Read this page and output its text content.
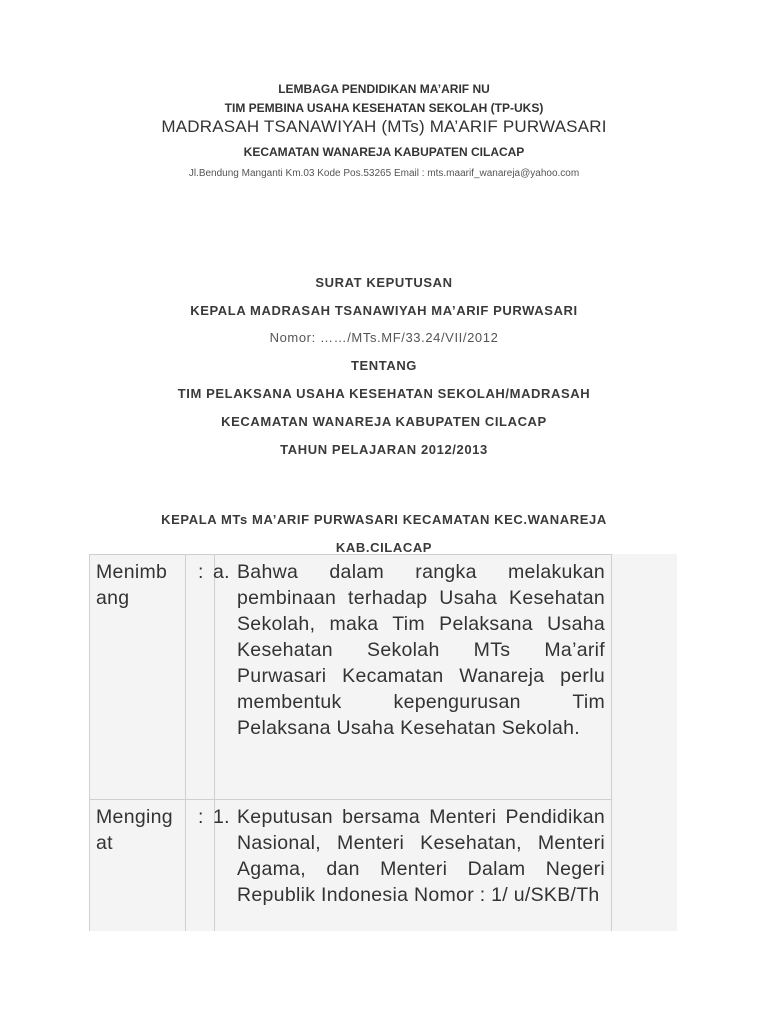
LEMBAGA PENDIDIKAN MA’ARIF NU
TIM PEMBINA USAHA KESEHATAN SEKOLAH (TP-UKS)
MADRASAH TSANAWIYAH (MTs) MA’ARIF PURWASARI
KECAMATAN WANAREJA KABUPATEN CILACAP
Jl.Bendung Manganti Km.03 Kode Pos.53265 Email : mts.maarif_wanareja@yahoo.com
SURAT KEPUTUSAN
KEPALA MADRASAH TSANAWIYAH MA’ARIF PURWASARI
Nomor: ……/MTs.MF/33.24/VII/2012
TENTANG
TIM PELAKSANA USAHA KESEHATAN SEKOLAH/MADRASAH
KECAMATAN WANAREJA KABUPATEN CILACAP
TAHUN PELAJARAN 2012/2013
KEPALA MTs MA’ARIF PURWASARI KECAMATAN KEC.WANAREJA
Menimb
ang	:	a. Bahwa dalam rangka melakukan pembinaan terhadap Usaha Kesehatan Sekolah, maka Tim Pelaksana Usaha Kesehatan Sekolah MTs Ma’arif Purwasari Kecamatan Wanareja perlu membentuk kepengurusan Tim Pelaksana Usaha Kesehatan Sekolah.

Menging
at	:	1. Keputusan bersama Menteri Pendidikan Nasional, Menteri Kesehatan, Menteri Agama, dan Menteri Dalam Negeri Republik Indonesia Nomor : 1/ u/SKB/Th
KAB.CILACAP
